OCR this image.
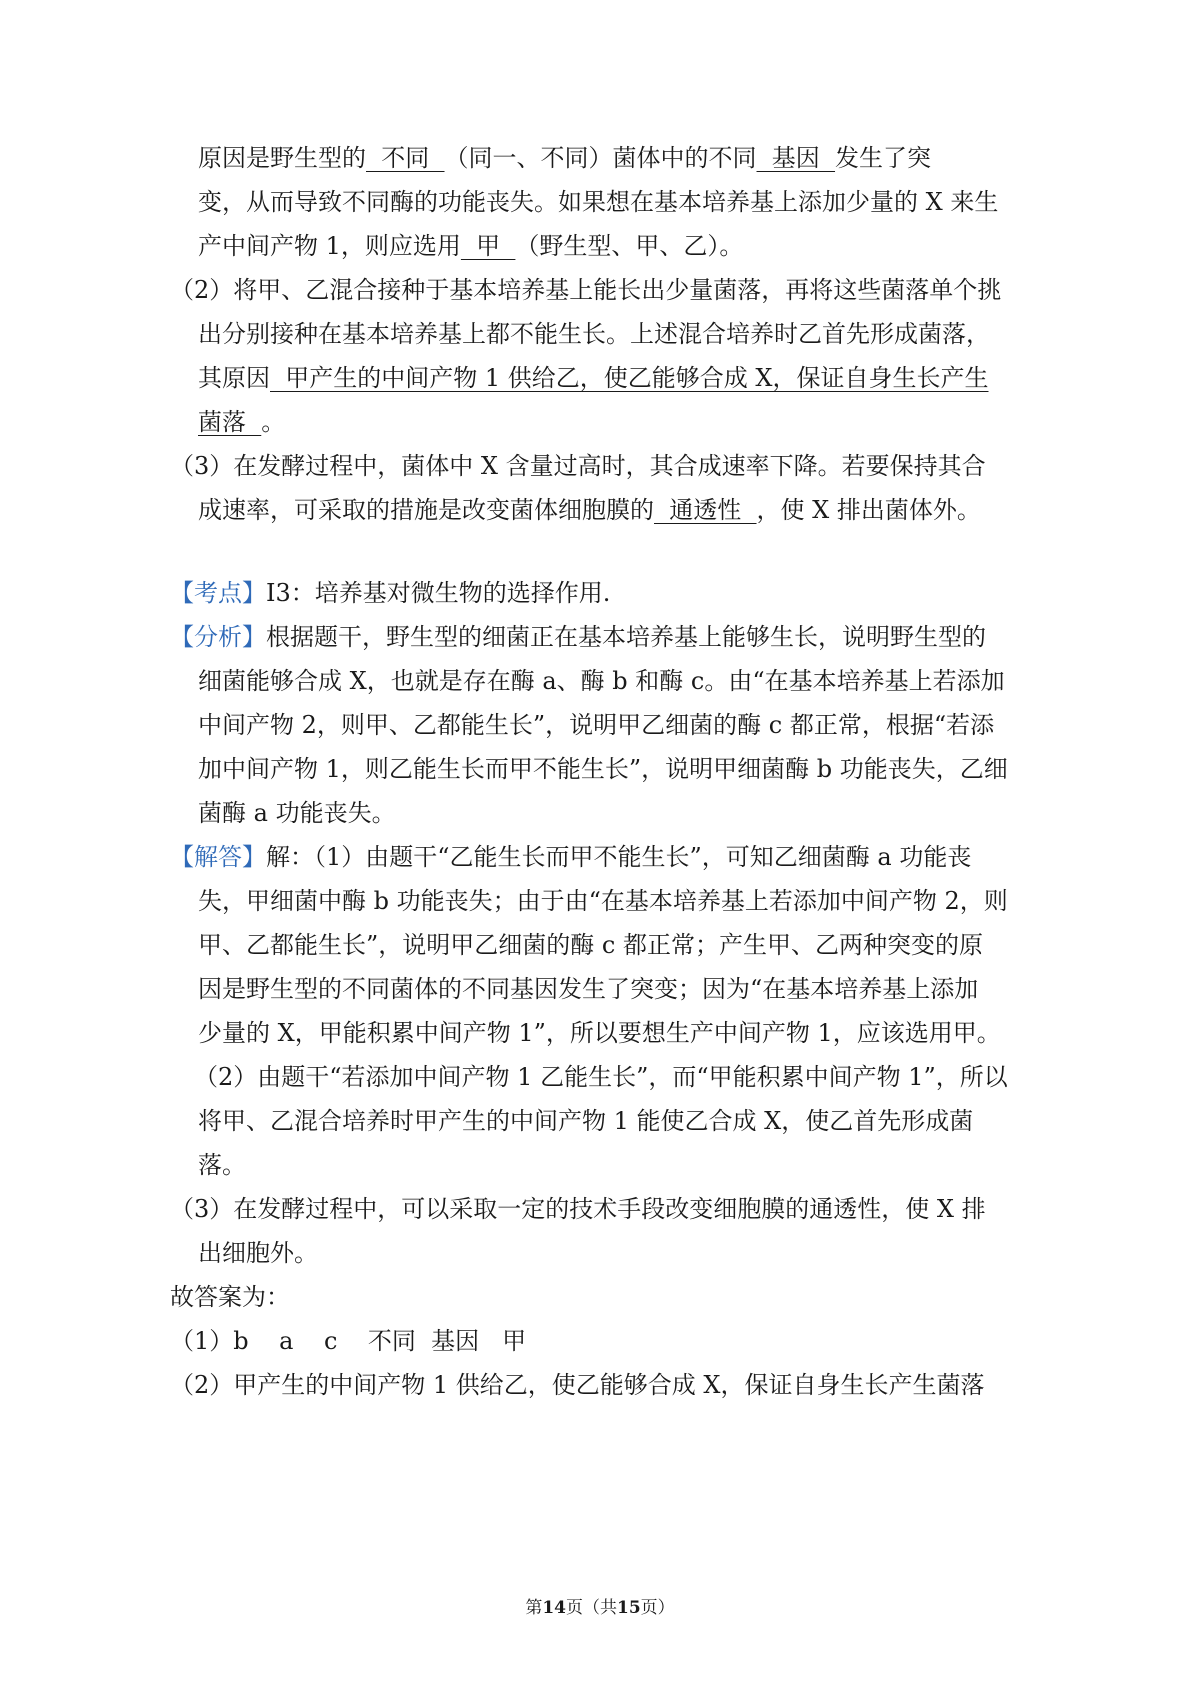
原因是野生型的  不同  （同一、不同）菌体中的不同  基因  发生了突
变，从而导致不同酶的功能丧失。如果想在基本培养基上添加少量的 X 来生
产中间产物 1，则应选用  甲  （野生型、甲、乙）。
（2）将甲、乙混合接种于基本培养基上能长出少量菌落，再将这些菌落单个挑
出分别接种在基本培养基上都不能生长。上述混合培养时乙首先形成菌落，
其原因  甲产生的中间产物 1 供给乙，使乙能够合成 X，保证自身生长产生
菌落  。
（3）在发酵过程中，菌体中 X 含量过高时，其合成速率下降。若要保持其合
成速率，可采取的措施是改变菌体细胞膜的  通透性  ，使 X 排出菌体外。
【考点】I3：培养基对微生物的选择作用.
【分析】根据题干，野生型的细菌正在基本培养基上能够生长，说明野生型的
细菌能够合成 X，也就是存在酶 a、酶 b 和酶 c。由“在基本培养基上若添加
中间产物 2，则甲、乙都能生长”，说明甲乙细菌的酶 c 都正常，根据“若添
加中间产物 1，则乙能生长而甲不能生长”，说明甲细菌酶 b 功能丧失，乙细
菌酶 a 功能丧失。
【解答】解：（1）由题干“乙能生长而甲不能生长”，可知乙细菌酶 a 功能丧
失，甲细菌中酶 b 功能丧失；由于由“在基本培养基上若添加中间产物 2，则
甲、乙都能生长”，说明甲乙细菌的酶 c 都正常；产生甲、乙两种突变的原
因是野生型的不同菌体的不同基因发生了突变；因为“在基本培养基上添加
少量的 X，甲能积累中间产物 1”，所以要想生产中间产物 1，应该选用甲。
（2）由题干“若添加中间产物 1 乙能生长”，而“甲能积累中间产物 1”，所以
将甲、乙混合培养时甲产生的中间产物 1 能使乙合成 X，使乙首先形成菌
落。
（3）在发酵过程中，可以采取一定的技术手段改变细胞膜的通透性，使 X 排
出细胞外。
故答案为：
（1）b    a    c    不同  基因   甲
（2）甲产生的中间产物 1 供给乙，使乙能够合成 X，保证自身生长产生菌落
第14页（共15页）
